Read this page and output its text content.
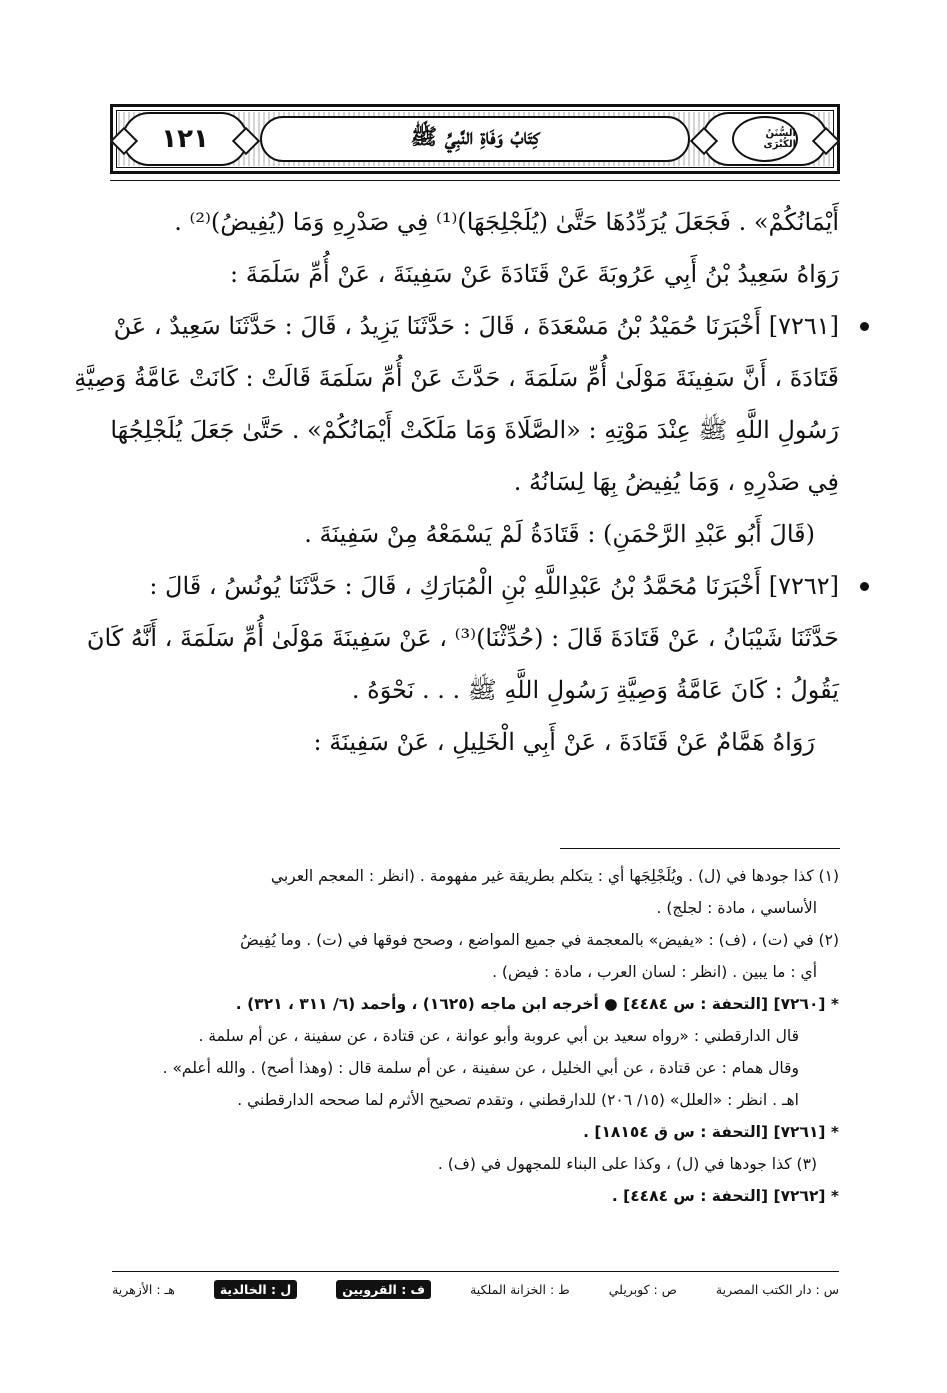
السُّنَنُ الكُبْرَى
كِتَابُ وَفَاةِ النَّبِيِّ ﷺ
١٢١
أَيْمَانُكُمْ» . فَجَعَلَ يُرَدِّدُهَا حَتَّىٰ (يُلَجْلِجَهَا)⁽¹⁾ فِي صَدْرِهِ وَمَا (يُفِيضُ)⁽²⁾ .
رَوَاهُ سَعِيدُ بْنُ أَبِي عَرُوبَةَ عَنْ قَتَادَةَ عَنْ سَفِينَةَ ، عَنْ أُمِّ سَلَمَةَ :
[٧٢٦١] أَخْبَرَنَا حُمَيْدُ بْنُ مَسْعَدَةَ ، قَالَ : حَدَّثَنَا يَزِيدُ ، قَالَ : حَدَّثَنَا سَعِيدٌ ، عَنْ
قَتَادَةَ ، أَنَّ سَفِينَةَ مَوْلَىٰ أُمِّ سَلَمَةَ ، حَدَّثَ عَنْ أُمِّ سَلَمَةَ قَالَتْ : كَانَتْ عَامَّةُ وَصِيَّةِ
رَسُولِ اللَّهِ ﷺ عِنْدَ مَوْتِهِ : «الصَّلَاةَ وَمَا مَلَكَتْ أَيْمَانُكُمْ» . حَتَّىٰ جَعَلَ يُلَجْلِجُهَا
فِي صَدْرِهِ ، وَمَا يُفِيضُ بِهَا لِسَانُهُ .
(قَالَ أَبُو عَبْدِ الرَّحْمَنِ) : قَتَادَةُ لَمْ يَسْمَعْهُ مِنْ سَفِينَةَ .
[٧٢٦٢] أَخْبَرَنَا مُحَمَّدُ بْنُ عَبْدِاللَّهِ بْنِ الْمُبَارَكِ ، قَالَ : حَدَّثَنَا يُونُسُ ، قَالَ :
حَدَّثَنَا شَيْبَانُ ، عَنْ قَتَادَةَ قَالَ : (حُدِّثْنَا)⁽³⁾ ، عَنْ سَفِينَةَ مَوْلَىٰ أُمِّ سَلَمَةَ ، أَنَّهُ كَانَ
يَقُولُ : كَانَ عَامَّةُ وَصِيَّةِ رَسُولِ اللَّهِ ﷺ . . . نَحْوَهُ .
رَوَاهُ هَمَّامٌ عَنْ قَتَادَةَ ، عَنْ أَبِي الْخَلِيلِ ، عَنْ سَفِينَةَ :
(١) كذا جودها في (ل) . ويُلَجْلِجَها أي : يتكلم بطريقة غير مفهومة . (انظر : المعجم العربي
الأساسي ، مادة : لجلج) .
(٢) في (ت) ، (ف) : «يفيض» بالمعجمة في جميع المواضع ، وصحح فوقها في (ت) . وما يُفِيضُ
أي : ما يبين . (انظر : لسان العرب ، مادة : فيض) .
* [٧٢٦٠] [التحفة : س ٤٤٨٤] ● أخرجه ابن ماجه (١٦٢٥) ، وأحمد (٦/ ٣١١ ، ٣٢١) .
قال الدارقطني : «رواه سعيد بن أبي عروبة وأبو عوانة ، عن قتادة ، عن سفينة ، عن أم سلمة .
وقال همام : عن قتادة ، عن أبي الخليل ، عن سفينة ، عن أم سلمة قال : (وهذا أصح) . والله أعلم» .
اهـ . انظر : «العلل» (١٥/ ٢٠٦) للدارقطني ، وتقدم تصحيح الأثرم لما صححه الدارقطني .
* [٧٢٦١] [التحفة : س ق ١٨١٥٤] .
(٣) كذا جودها في (ل) ، وكذا على البناء للمجهول في (ف) .
* [٧٢٦٢] [التحفة : س ٤٤٨٤] .
س : دار الكتب المصرية
ص : كوبريلي
ط : الخزانة الملكية
ف : القرويين
ل : الخالدية
هـ : الأزهرية
